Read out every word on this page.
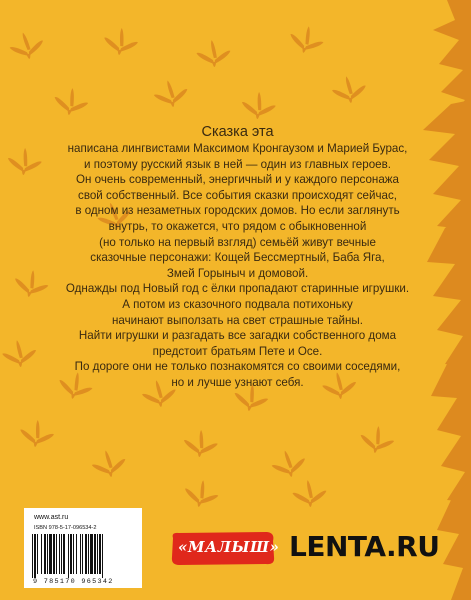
Сказка эта
написана лингвистами Максимом Кронгаузом и Марией Бурас,
и поэтому русский язык в ней — один из главных героев.
Он очень современный, энергичный и у каждого персонажа
свой собственный. Все события сказки происходят сейчас,
в одном из незаметных городских домов. Но если заглянуть
внутрь, то окажется, что рядом с обыкновенной
(но только на первый взгляд) семьёй живут вечные
сказочные персонажи: Кощей Бессмертный, Баба Яга,
Змей Горыныч и домовой.
Однажды под Новый год с ёлки пропадают старинные игрушки.
А потом из сказочного подвала потихоньку
начинают выползать на свет страшные тайны.
Найти игрушки и разгадать все загадки собственного дома
предстоит братьям Пете и Осе.
По дороге они не только познакомятся со своими соседями,
но и лучше узнают себя.
www.ast.ru
ISBN 978-5-17-096534-2
9 785170 965342
«МАЛЫШ» LENTA.RU
